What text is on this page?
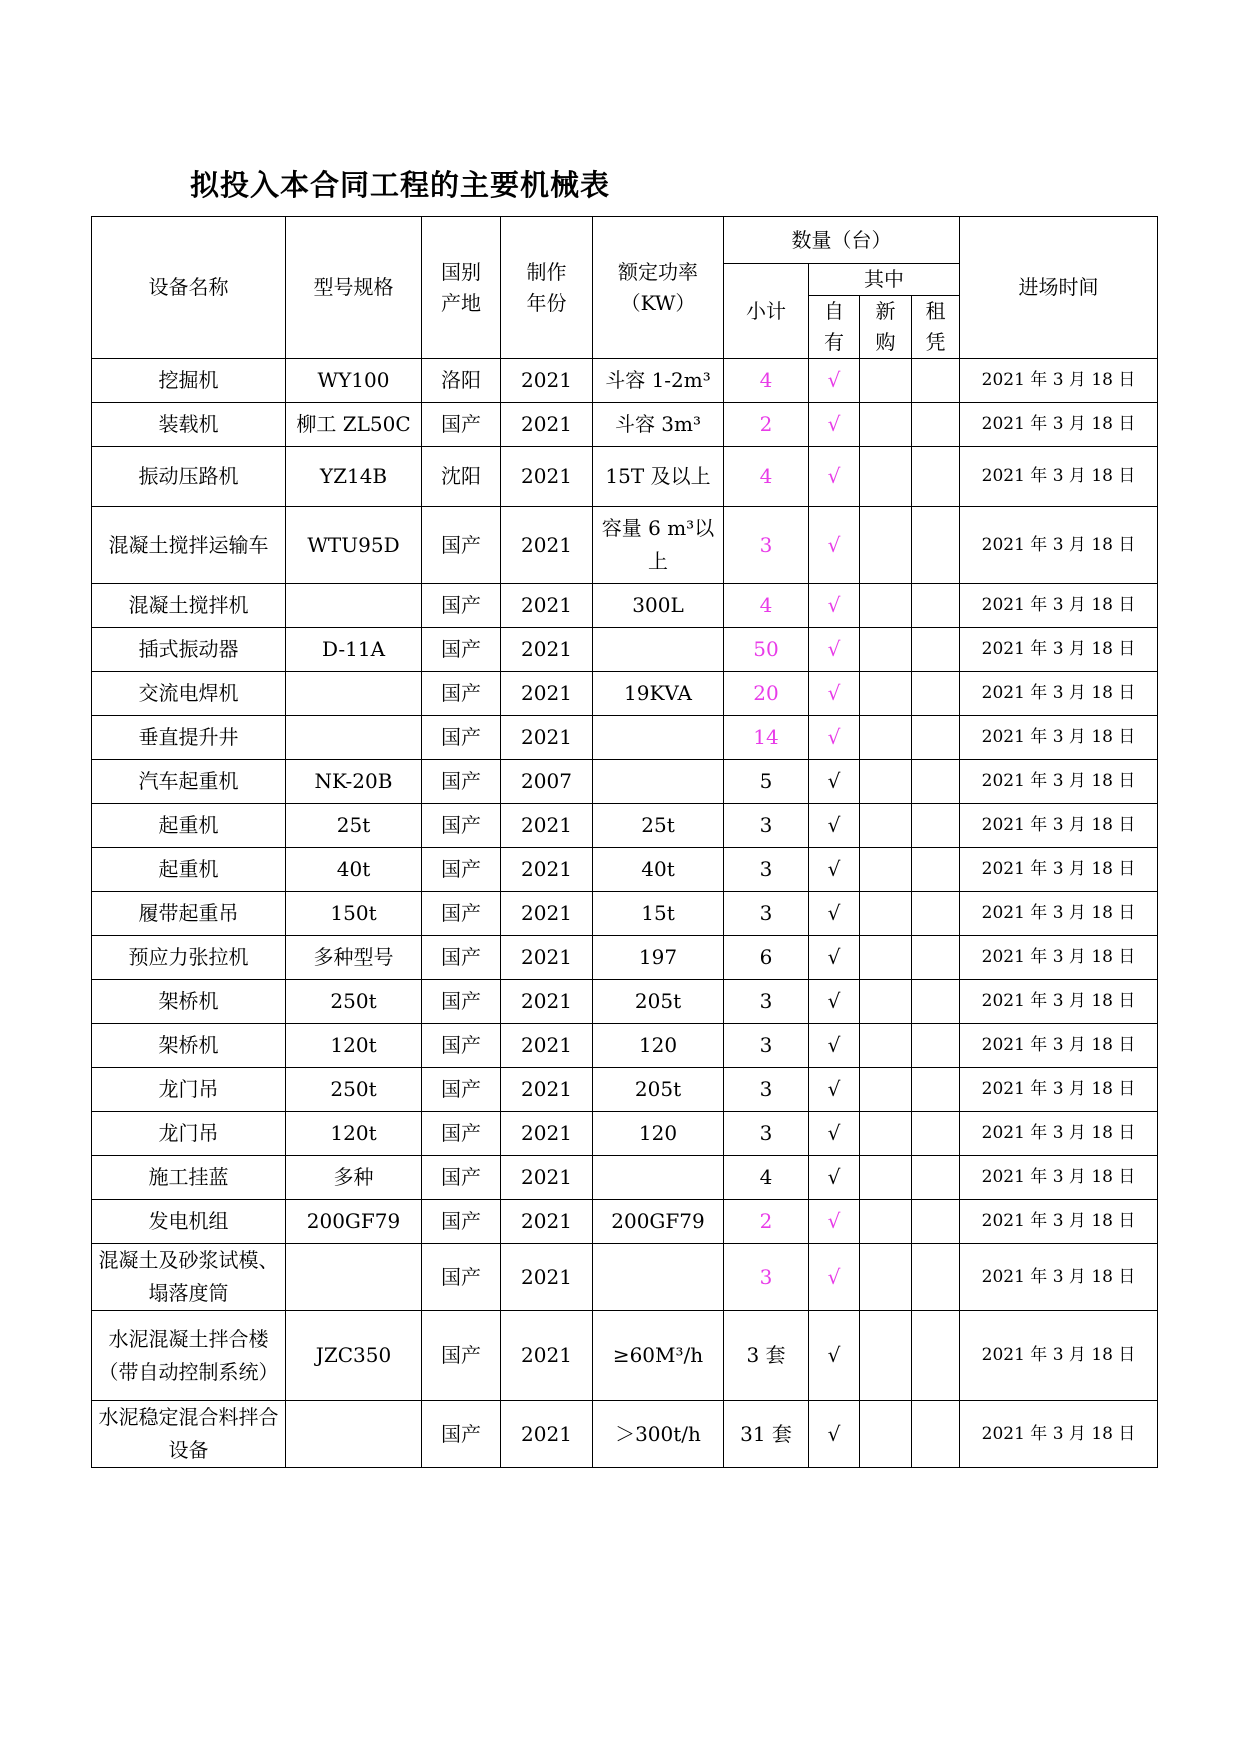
拟投入本合同工程的主要机械表
设备名称	型号规格	国别产地	制作年份	额定功率（KW）	数量（台）				进场时间
					小计	其中			
						自有	新购	租凭	
挖掘机	WY100	洛阳	2021	斗容 1-2m³	4	√			2021 年 3 月 18 日
装载机	柳工 ZL50C	国产	2021	斗容 3m³	2	√			2021 年 3 月 18 日
振动压路机	YZ14B	沈阳	2021	15T 及以上	4	√			2021 年 3 月 18 日
混凝土搅拌运输车	WTU95D	国产	2021	容量 6 m³以上	3	√			2021 年 3 月 18 日
混凝土搅拌机		国产	2021	300L	4	√			2021 年 3 月 18 日
插式振动器	D-11A	国产	2021		50	√			2021 年 3 月 18 日
交流电焊机		国产	2021	19KVA	20	√			2021 年 3 月 18 日
垂直提升井		国产	2021		14	√			2021 年 3 月 18 日
汽车起重机	NK-20B	国产	2007		5	√			2021 年 3 月 18 日
起重机	25t	国产	2021	25t	3	√			2021 年 3 月 18 日
起重机	40t	国产	2021	40t	3	√			2021 年 3 月 18 日
履带起重吊	150t	国产	2021	15t	3	√			2021 年 3 月 18 日
预应力张拉机	多种型号	国产	2021	197	6	√			2021 年 3 月 18 日
架桥机	250t	国产	2021	205t	3	√			2021 年 3 月 18 日
架桥机	120t	国产	2021	120	3	√			2021 年 3 月 18 日
龙门吊	250t	国产	2021	205t	3	√			2021 年 3 月 18 日
龙门吊	120t	国产	2021	120	3	√			2021 年 3 月 18 日
施工挂蓝	多种	国产	2021		4	√			2021 年 3 月 18 日
发电机组	200GF79	国产	2021	200GF79	2	√			2021 年 3 月 18 日
混凝土及砂浆试模、塌落度筒		国产	2021		3	√			2021 年 3 月 18 日
水泥混凝土拌合楼（带自动控制系统）	JZC350	国产	2021	≥60M³/h	3 套	√			2021 年 3 月 18 日
水泥稳定混合料拌合设备		国产	2021	＞300t/h	31 套	√			2021 年 3 月 18 日
